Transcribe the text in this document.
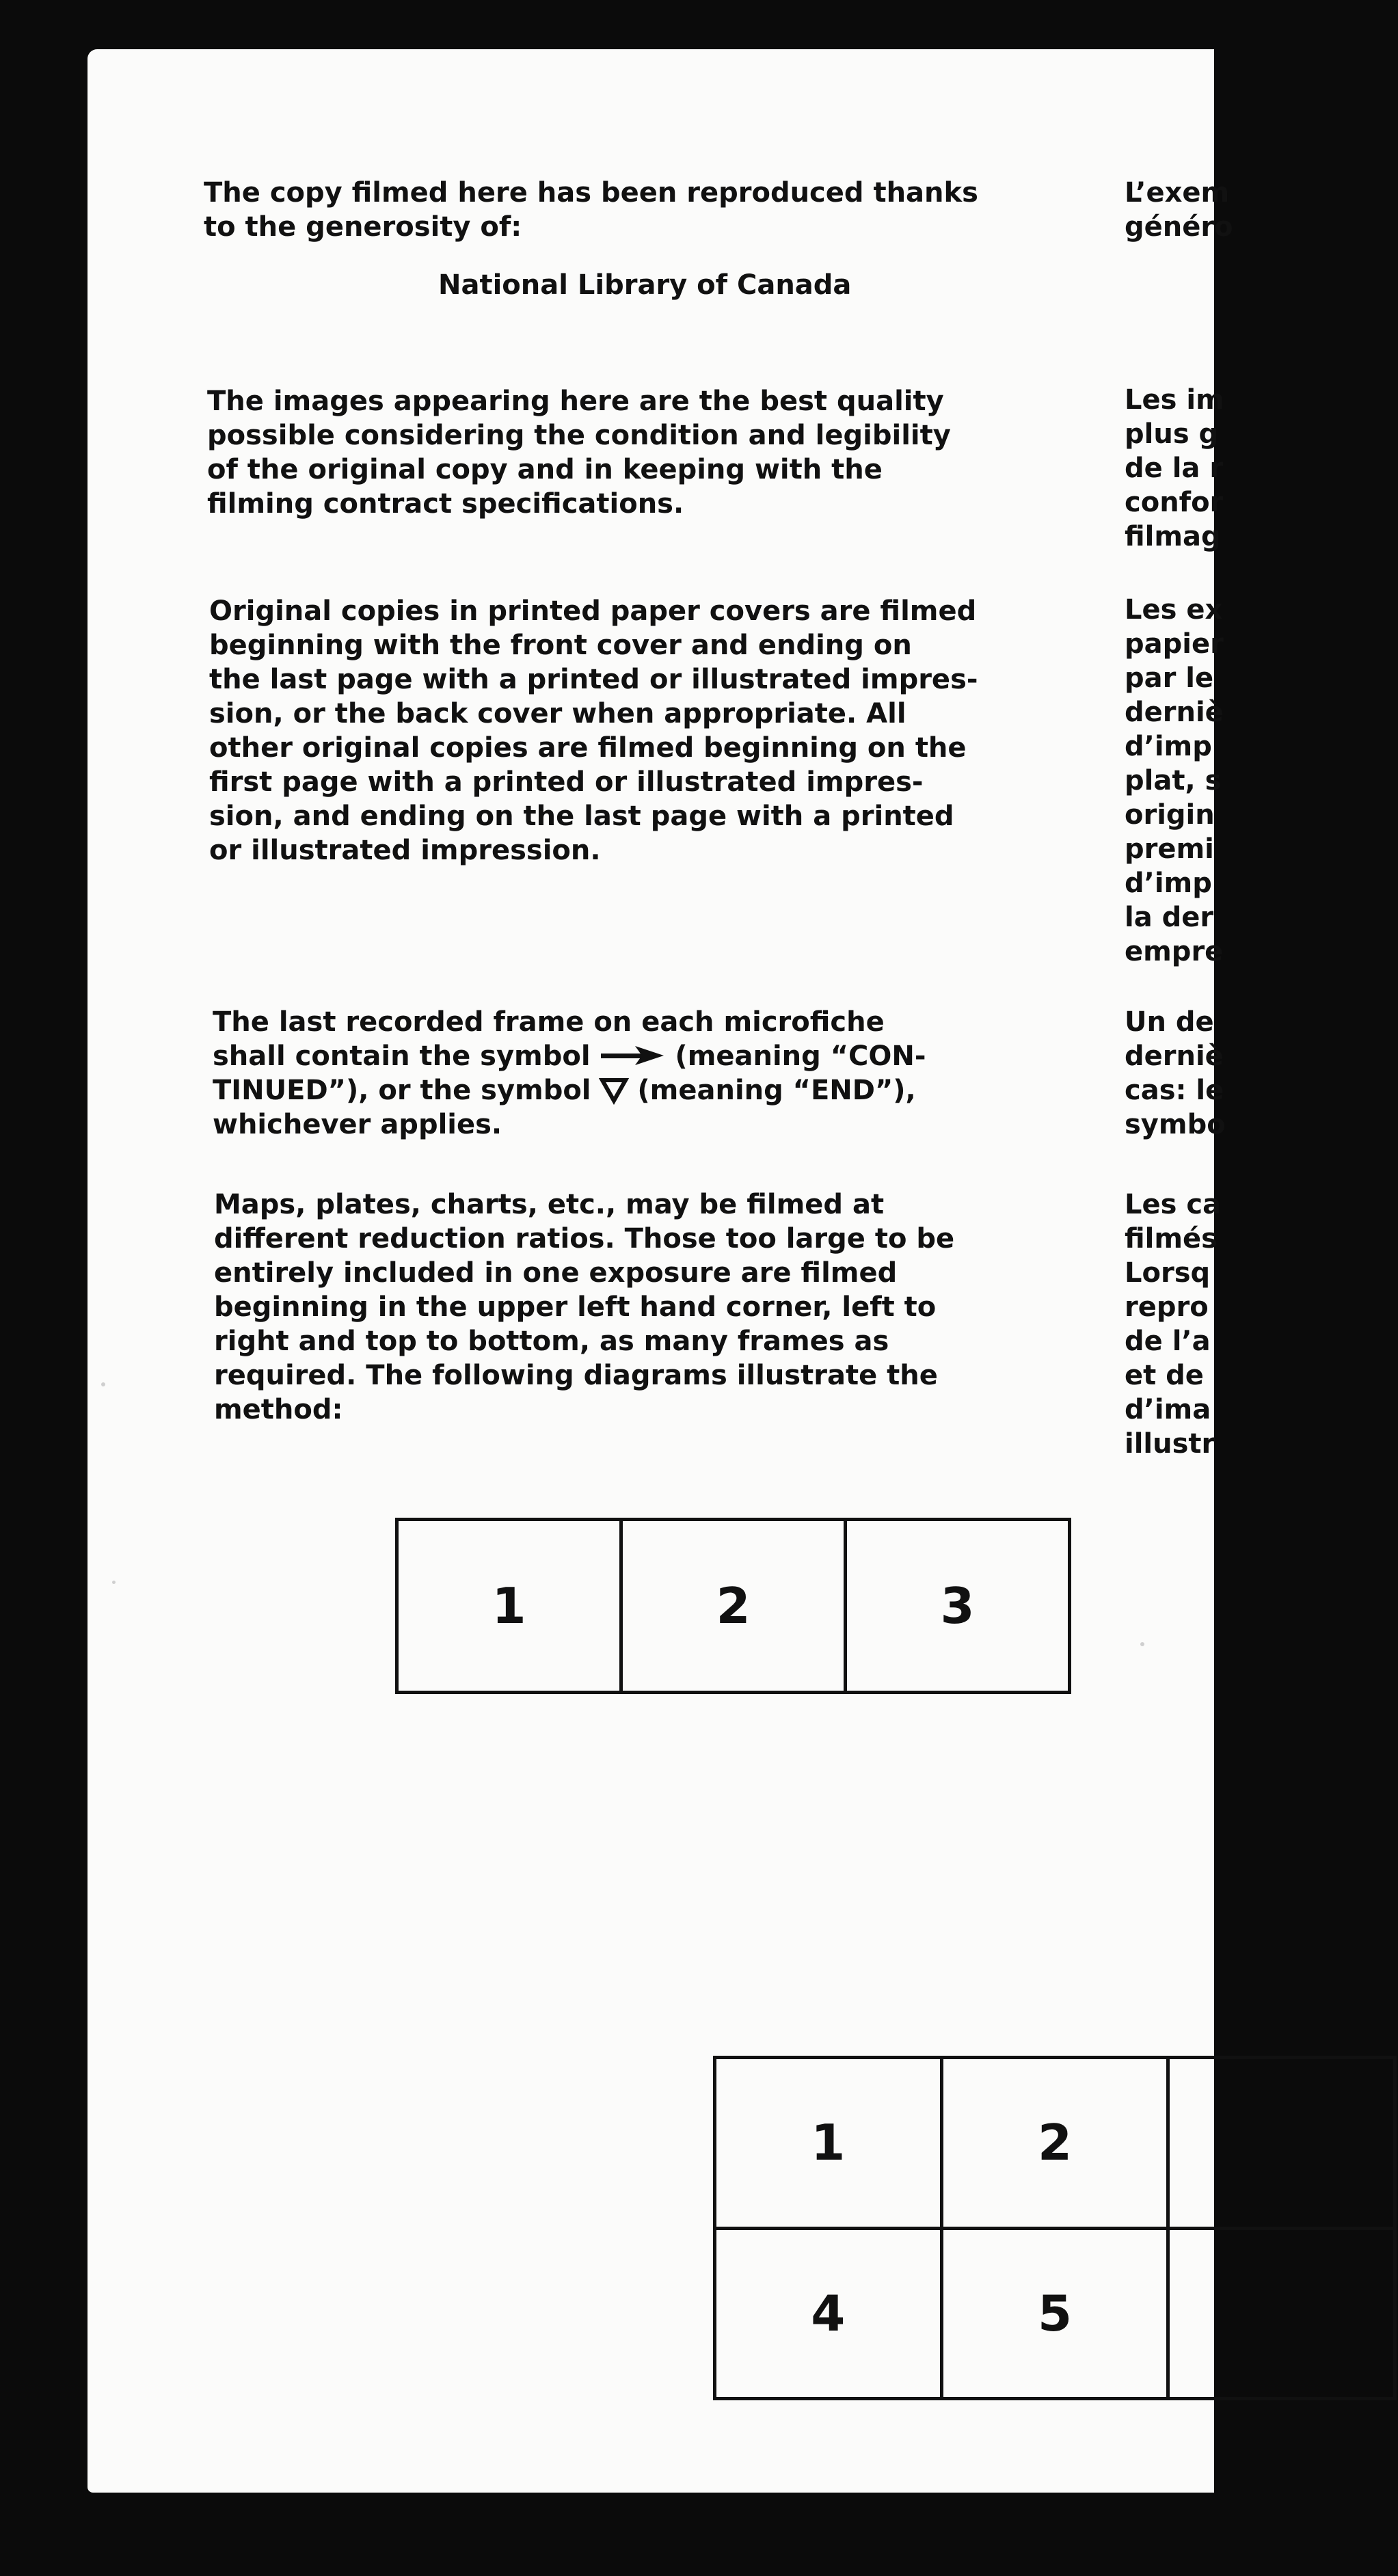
The copy filmed here has been reproduced thanks
to the generosity of:

National Library of Canada

The images appearing here are the best quality
possible considering the condition and legibility
of the original copy and in keeping with the
filming contract specifications.

Original copies in printed paper covers are filmed
beginning with the front cover and ending on
the last page with a printed or illustrated impres-
sion, or the back cover when appropriate. All
other original copies are filmed beginning on the
first page with a printed or illustrated impres-
sion, and ending on the last page with a printed
or illustrated impression.

The last recorded frame on each microfiche
shall contain the symbol  (meaning “CON-
TINUED”), or the symbol  (meaning “END”),
whichever applies.

Maps, plates, charts, etc., may be filmed at
different reduction ratios. Those too large to be
entirely included in one exposure are filmed
beginning in the upper left hand corner, left to
right and top to bottom, as many frames as
required. The following diagrams illustrate the
method:

L’exem
généro

Les im
plus g
de la r
confor
filmag

Les ex
papier
par le
derniè
d’imp
plat, s
origin
premi
d’imp
la der
empre

Un de
derniè
cas: le
symbo

Les ca
filmés
Lorsq
repro
de l’a
et de
d’ima
illustr

1	2	3
1	2	
4	5	
